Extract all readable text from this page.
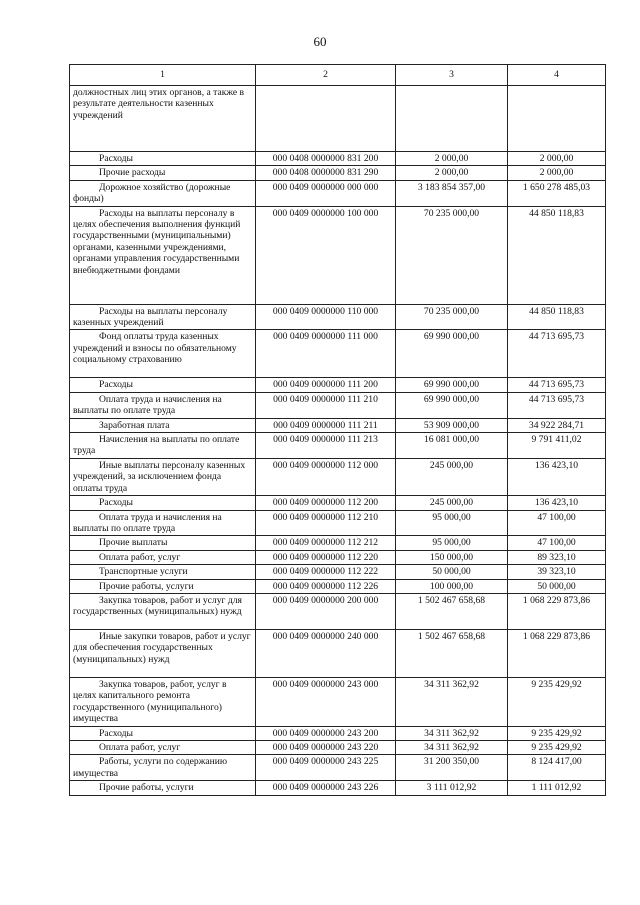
60
1	2	3	4
должностных лиц этих органов, а также в результате деятельности казенных учреждений			
Расходы	000 0408 0000000 831 200	2 000,00	2 000,00
Прочие расходы	000 0408 0000000 831 290	2 000,00	2 000,00
Дорожное хозяйство (дорожные фонды)	000 0409 0000000 000 000	3 183 854 357,00	1 650 278 485,03
Расходы на выплаты персоналу в целях обеспечения выполнения функций государственными (муниципальными) органами, казенными учреждениями, органами управления государственными внебюджетными фондами	000 0409 0000000 100 000	70 235 000,00	44 850 118,83
Расходы на выплаты персоналу казенных учреждений	000 0409 0000000 110 000	70 235 000,00	44 850 118,83
Фонд оплаты труда казенных учреждений и взносы по обязательному социальному страхованию	000 0409 0000000 111 000	69 990 000,00	44 713 695,73
Расходы	000 0409 0000000 111 200	69 990 000,00	44 713 695,73
Оплата труда и начисления на выплаты по оплате труда	000 0409 0000000 111 210	69 990 000,00	44 713 695,73
Заработная плата	000 0409 0000000 111 211	53 909 000,00	34 922 284,71
Начисления на выплаты по оплате труда	000 0409 0000000 111 213	16 081 000,00	9 791 411,02
Иные выплаты персоналу казенных учреждений, за исключением фонда оплаты труда	000 0409 0000000 112 000	245 000,00	136 423,10
Расходы	000 0409 0000000 112 200	245 000,00	136 423,10
Оплата труда и начисления на выплаты по оплате труда	000 0409 0000000 112 210	95 000,00	47 100,00
Прочие выплаты	000 0409 0000000 112 212	95 000,00	47 100,00
Оплата работ, услуг	000 0409 0000000 112 220	150 000,00	89 323,10
Транспортные услуги	000 0409 0000000 112 222	50 000,00	39 323,10
Прочие работы, услуги	000 0409 0000000 112 226	100 000,00	50 000,00
Закупка товаров, работ и услуг для государственных (муниципальных) нужд	000 0409 0000000 200 000	1 502 467 658,68	1 068 229 873,86
Иные закупки товаров, работ и услуг для обеспечения государственных (муниципальных) нужд	000 0409 0000000 240 000	1 502 467 658,68	1 068 229 873,86
Закупка товаров, работ, услуг в целях капитального ремонта государственного (муниципального) имущества	000 0409 0000000 243 000	34 311 362,92	9 235 429,92
Расходы	000 0409 0000000 243 200	34 311 362,92	9 235 429,92
Оплата работ, услуг	000 0409 0000000 243 220	34 311 362,92	9 235 429,92
Работы, услуги по содержанию имущества	000 0409 0000000 243 225	31 200 350,00	8 124 417,00
Прочие работы, услуги	000 0409 0000000 243 226	3 111 012,92	1 111 012,92
